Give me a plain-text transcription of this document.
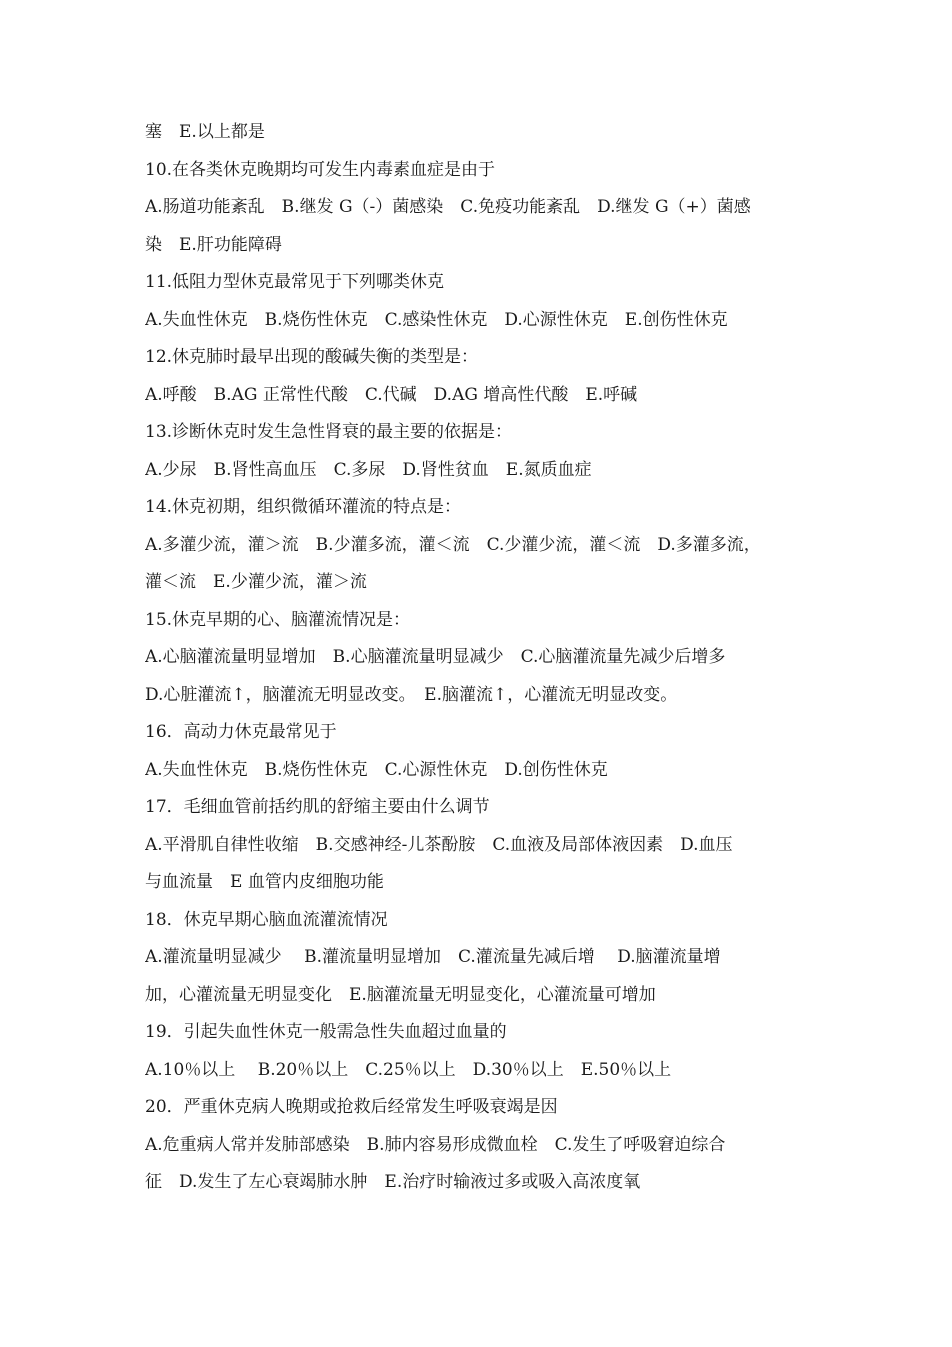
塞　E.以上都是
10.在各类休克晚期均可发生内毒素血症是由于
A.肠道功能紊乱　B.继发 G（-）菌感染　C.免疫功能紊乱　D.继发 G（+）菌感
染　E.肝功能障碍
11.低阻力型休克最常见于下列哪类休克
A.失血性休克　B.烧伤性休克　C.感染性休克　D.心源性休克　E.创伤性休克
12.休克肺时最早出现的酸碱失衡的类型是：
A.呼酸　B.AG 正常性代酸　C.代碱　D.AG 增高性代酸　E.呼碱
13.诊断休克时发生急性肾衰的最主要的依据是：
A.少尿　B.肾性高血压　C.多尿　D.肾性贫血　E.氮质血症
14.休克初期，组织微循环灌流的特点是：
A.多灌少流，灌＞流　B.少灌多流，灌＜流　C.少灌少流，灌＜流　D.多灌多流，
灌＜流　E.少灌少流，灌＞流
15.休克早期的心、脑灌流情况是：
A.心脑灌流量明显增加　B.心脑灌流量明显减少　C.心脑灌流量先减少后增多
D.心脏灌流↑，脑灌流无明显改变。　E.脑灌流↑，心灌流无明显改变。
16．高动力休克最常见于
A.失血性休克　B.烧伤性休克　C.心源性休克　D.创伤性休克
17．毛细血管前括约肌的舒缩主要由什么调节
A.平滑肌自律性收缩　B.交感神经-儿茶酚胺　C.血液及局部体液因素　D.血压
与血流量　E 血管内皮细胞功能
18．休克早期心脑血流灌流情况
A.灌流量明显减少　 B.灌流量明显增加　C.灌流量先减后增　 D.脑灌流量增
加，心灌流量无明显变化　E.脑灌流量无明显变化，心灌流量可增加
19．引起失血性休克一般需急性失血超过血量的
A.10％以上　 B.20％以上　C.25％以上　D.30％以上　E.50％以上
20．严重休克病人晚期或抢救后经常发生呼吸衰竭是因
A.危重病人常并发肺部感染　B.肺内容易形成微血栓　C.发生了呼吸窘迫综合
征　D.发生了左心衰竭肺水肿　E.治疗时输液过多或吸入高浓度氧
